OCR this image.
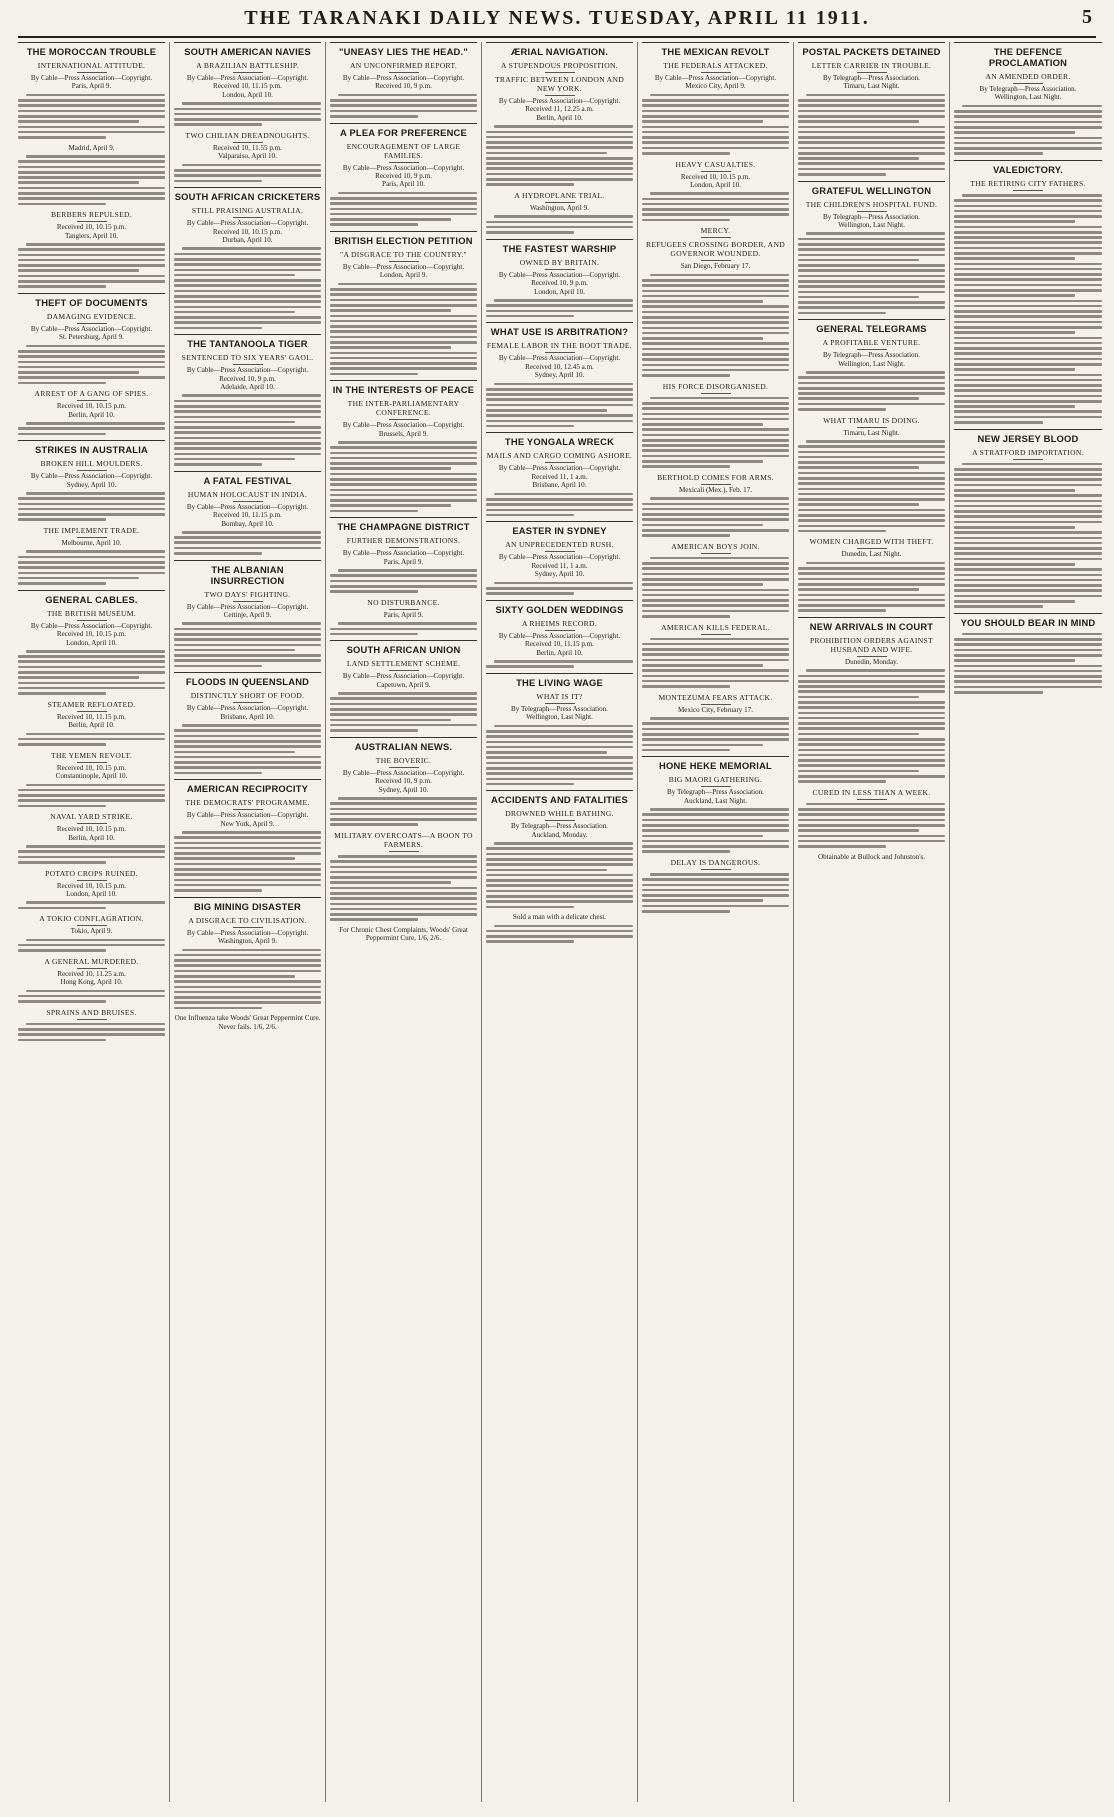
THE TARANAKI DAILY NEWS. TUESDAY, APRIL 11 1911.	5
THE MOROCCAN TROUBLE
INTERNATIONAL ATTITUDE.
By Cable—Press Association—Copyright.
Paris, April 9.
Madrid, April 9.
BERBERS REPULSED.
Received 10, 10.15 p.m.
Tangiers, April 10.
THEFT OF DOCUMENTS
DAMAGING EVIDENCE.
By Cable—Press Association—Copyright.
St. Petersburg, April 9.
ARREST OF A GANG OF SPIES.
Received 10, 10.15 p.m.
Berlin, April 10.
STRIKES IN AUSTRALIA
BROKEN HILL MOULDERS.
By Cable—Press Association—Copyright.
Sydney, April 10.
THE IMPLEMENT TRADE.
Melbourne, April 10.
GENERAL CABLES.
THE BRITISH MUSEUM.
By Cable—Press Association—Copyright.
Received 10, 10.15 p.m.
London, April 10.
STEAMER REFLOATED.
Received 10, 11.15 p.m.
Berlin, April 10.
THE YEMEN REVOLT.
Received 10, 10.15 p.m.
Constantinople, April 10.
NAVAL YARD STRIKE.
Received 10, 10.15 p.m.
Berlin, April 10.
POTATO CROPS RUINED.
Received 10, 10.15 p.m.
London, April 10.
A TOKIO CONFLAGRATION.
Tokio, April 9.
A GENERAL MURDERED.
Received 10, 11.25 a.m.
Hong Kong, April 10.
SPRAINS AND BRUISES.
SOUTH AMERICAN NAVIES
A BRAZILIAN BATTLESHIP.
By Cable—Press Association—Copyright.
Received 10, 11.15 p.m.
London, April 10.
TWO CHILIAN DREADNOUGHTS.
Received 10, 11.55 p.m.
Valparaiso, April 10.
SOUTH AFRICAN CRICKETERS
STILL PRAISING AUSTRALIA.
By Cable—Press Association—Copyright.
Received 10, 10.15 p.m.
Durban, April 10.
THE TANTANOOLA TIGER
SENTENCED TO SIX YEARS' GAOL.
By Cable—Press Association—Copyright.
Received 10, 9 p.m.
Adelaide, April 10.
A FATAL FESTIVAL
HUMAN HOLOCAUST IN INDIA.
By Cable—Press Association—Copyright.
Received 10, 11.15 p.m.
Bombay, April 10.
THE ALBANIAN INSURRECTION
TWO DAYS' FIGHTING.
By Cable—Press Association—Copyright.
Cettinje, April 9.
FLOODS IN QUEENSLAND
DISTINCTLY SHORT OF FOOD.
By Cable—Press Association—Copyright.
Brisbane, April 10.
AMERICAN RECIPROCITY
THE DEMOCRATS' PROGRAMME.
By Cable—Press Association—Copyright.
New York, April 9.
BIG MINING DISASTER
A DISGRACE TO CIVILISATION.
By Cable—Press Association—Copyright.
Washington, April 9.
One Influenza take Woods' Great Peppermint Cure. Never fails. 1/6, 2/6.
"UNEASY LIES THE HEAD."
AN UNCONFIRMED REPORT.
By Cable—Press Association—Copyright.
Received 10, 9 p.m.
A PLEA FOR PREFERENCE
ENCOURAGEMENT OF LARGE FAMILIES.
By Cable—Press Association—Copyright.
Received 10, 9 p.m.
Paris, April 10.
BRITISH ELECTION PETITION
"A DISGRACE TO THE COUNTRY."
By Cable—Press Association—Copyright.
London, April 9.
IN THE INTERESTS OF PEACE
THE INTER-PARLIAMENTARY CONFERENCE.
By Cable—Press Association—Copyright.
Brussels, April 9.
THE CHAMPAGNE DISTRICT
FURTHER DEMONSTRATIONS.
By Cable—Press Association—Copyright.
Paris, April 9.
NO DISTURBANCE.
Paris, April 9.
SOUTH AFRICAN UNION
LAND SETTLEMENT SCHEME.
By Cable—Press Association—Copyright.
Capetown, April 9.
AUSTRALIAN NEWS.
THE BOVERIC.
By Cable—Press Association—Copyright.
Received 10, 9 p.m.
Sydney, April 10.
MILITARY OVERCOATS—A BOON TO FARMERS.
For Chronic Chest Complaints, Woods' Great Peppermint Cure, 1/6, 2/6.
ÆRIAL NAVIGATION.
A STUPENDOUS PROPOSITION.
TRAFFIC BETWEEN LONDON AND NEW YORK.
By Cable—Press Association—Copyright.
Received 11, 12.25 a.m.
Berlin, April 10.
A HYDROPLANE TRIAL.
Washington, April 9.
THE FASTEST WARSHIP
OWNED BY BRITAIN.
By Cable—Press Association—Copyright.
Received 10, 9 p.m.
London, April 10.
WHAT USE IS ARBITRATION?
FEMALE LABOR IN THE BOOT TRADE.
By Cable—Press Association—Copyright.
Received 10, 12.45 a.m.
Sydney, April 10.
THE YONGALA WRECK
MAILS AND CARGO COMING ASHORE.
By Cable—Press Association—Copyright.
Received 11, 1 a.m.
Brisbane, April 10.
EASTER IN SYDNEY
AN UNPRECEDENTED RUSH.
By Cable—Press Association—Copyright.
Received 11, 1 a.m.
Sydney, April 10.
SIXTY GOLDEN WEDDINGS
A RHEIMS RECORD.
By Cable—Press Association—Copyright.
Received 10, 11.15 p.m.
Berlin, April 10.
THE LIVING WAGE
WHAT IS IT?
By Telegraph—Press Association.
Wellington, Last Night.
ACCIDENTS AND FATALITIES
DROWNED WHILE BATHING.
By Telegraph—Press Association.
Auckland, Monday.
Sold a man with a delicate chest.
THE MEXICAN REVOLT
THE FEDERALS ATTACKED.
By Cable—Press Association—Copyright.
Mexico City, April 9.
HEAVY CASUALTIES.
Received 10, 10.15 p.m.
London, April 10.
MERCY.
REFUGEES CROSSING BORDER, AND GOVERNOR WOUNDED.
San Diego, February 17.
HIS FORCE DISORGANISED.
BERTHOLD COMES FOR ARMS.
Mexicali (Mex.), Feb. 17.
AMERICAN BOYS JOIN.
AMERICAN KILLS FEDERAL.
MONTEZUMA FEARS ATTACK.
Mexico City, February 17.
HONE HEKE MEMORIAL
BIG MAORI GATHERING.
By Telegraph—Press Association.
Auckland, Last Night.
DELAY IS DANGEROUS.
POSTAL PACKETS DETAINED
LETTER CARRIER IN TROUBLE.
By Telegraph—Press Association.
Timaru, Last Night.
GRATEFUL WELLINGTON
THE CHILDREN'S HOSPITAL FUND.
By Telegraph—Press Association.
Wellington, Last Night.
GENERAL TELEGRAMS
A PROFITABLE VENTURE.
By Telegraph—Press Association.
Wellington, Last Night.
WHAT TIMARU IS DOING.
Timaru, Last Night.
WOMEN CHARGED WITH THEFT.
Dunedin, Last Night.
NEW ARRIVALS IN COURT
PROHIBITION ORDERS AGAINST HUSBAND AND WIFE.
Dunedin, Monday.
CURED IN LESS THAN A WEEK.
Obtainable at Bullock and Johnston's.
THE DEFENCE PROCLAMATION
AN AMENDED ORDER.
By Telegraph—Press Association.
Wellington, Last Night.
VALEDICTORY.
THE RETIRING CITY FATHERS.
NEW JERSEY BLOOD
A STRATFORD IMPORTATION.
YOU SHOULD BEAR IN MIND
